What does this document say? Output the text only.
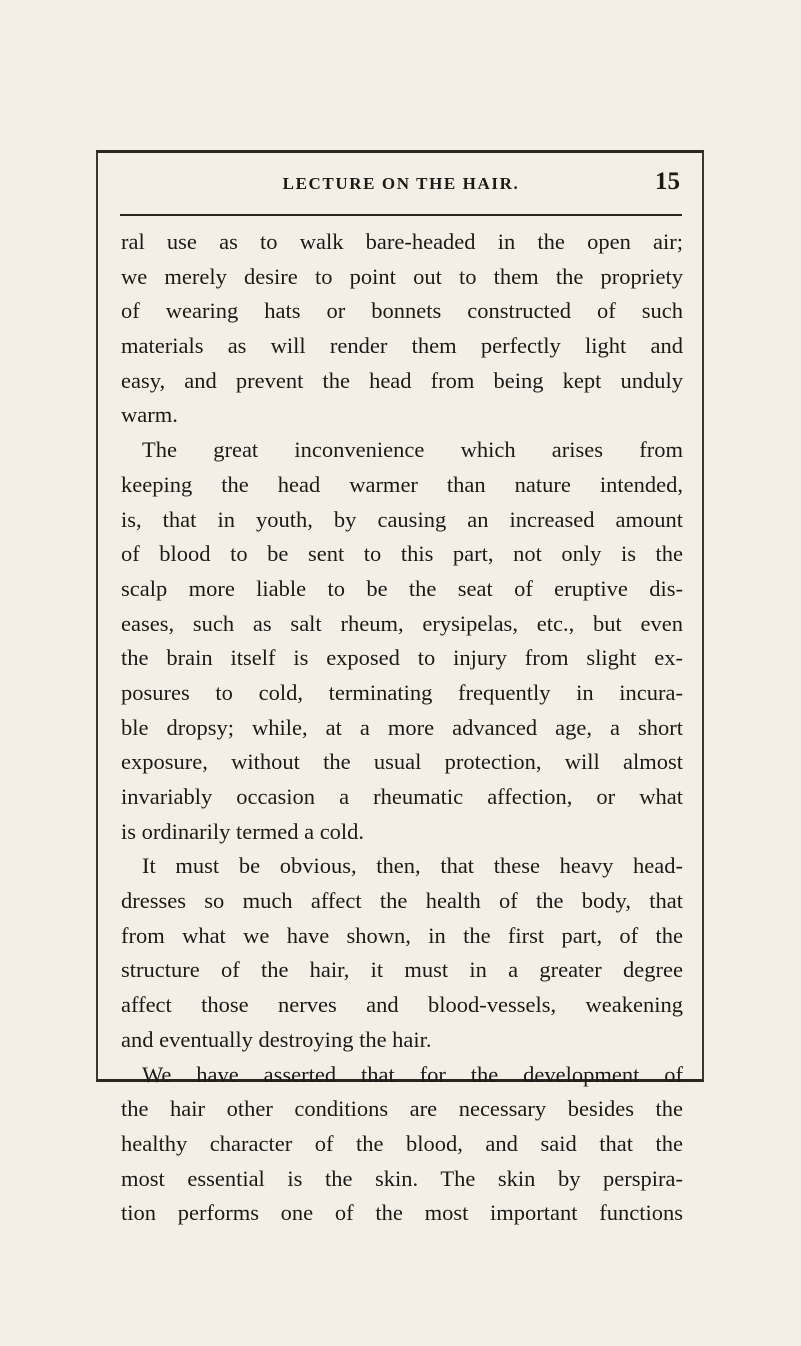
LECTURE ON THE HAIR.	15
ral use as to walk bare-headed in the open air;
we merely desire to point out to them the propriety
of wearing hats or bonnets constructed of such
materials as will render them perfectly light and
easy, and prevent the head from being kept unduly
warm.
The great inconvenience which arises from
keeping the head warmer than nature intended,
is, that in youth, by causing an increased amount
of blood to be sent to this part, not only is the
scalp more liable to be the seat of eruptive dis-
eases, such as salt rheum, erysipelas, etc., but even
the brain itself is exposed to injury from slight ex-
posures to cold, terminating frequently in incura-
ble dropsy; while, at a more advanced age, a short
exposure, without the usual protection, will almost
invariably occasion a rheumatic affection, or what
is ordinarily termed a cold.
It must be obvious, then, that these heavy head-
dresses so much affect the health of the body, that
from what we have shown, in the first part, of the
structure of the hair, it must in a greater degree
affect those nerves and blood-vessels, weakening
and eventually destroying the hair.
We have asserted that for the development of
the hair other conditions are necessary besides the
healthy character of the blood, and said that the
most essential is the skin. The skin by perspira-
tion performs one of the most important functions
